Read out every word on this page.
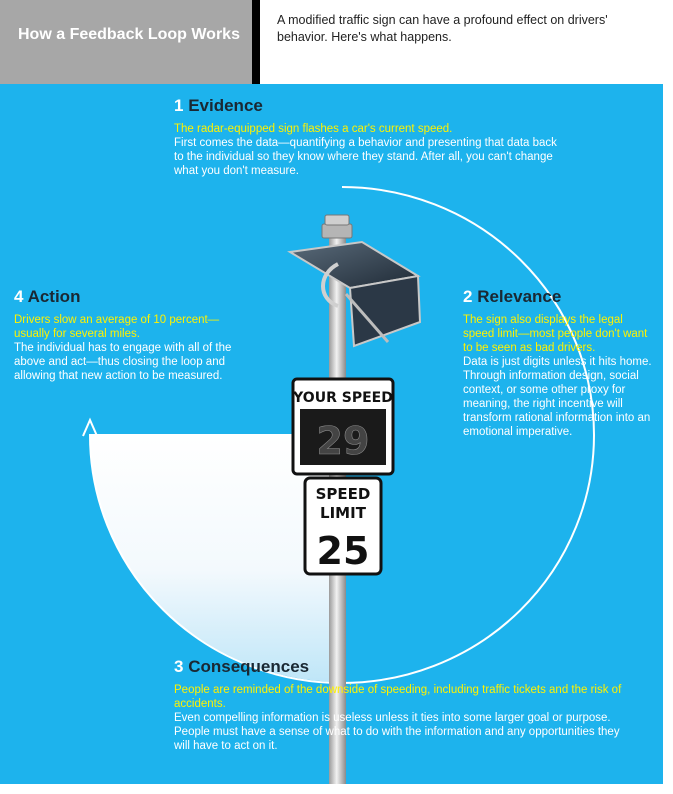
How a Feedback Loop Works
A modified traffic sign can have a profound effect on drivers' behavior. Here's what happens.
YOUR SPEED
29
SPEED
LIMIT
25
1 Evidence
The radar-equipped sign flashes a car's current speed.
First comes the data—quantifying a behavior and presenting that data back to the individual so they know where they stand. After all, you can't change what you don't measure.
2 Relevance
The sign also displays the legal speed limit—most people don't want to be seen as bad drivers.
Data is just digits unless it hits home. Through information design, social context, or some other proxy for meaning, the right incentive will transform rational information into an emotional imperative.
3 Consequences
People are reminded of the downside of speeding, including traffic tickets and the risk of accidents.
Even compelling information is useless unless it ties into some larger goal or purpose. People must have a sense of what to do with the information and any opportunities they will have to act on it.
4 Action
Drivers slow an average of 10 percent—usually for several miles.
The individual has to engage with all of the above and act—thus closing the loop and allowing that new action to be measured.
